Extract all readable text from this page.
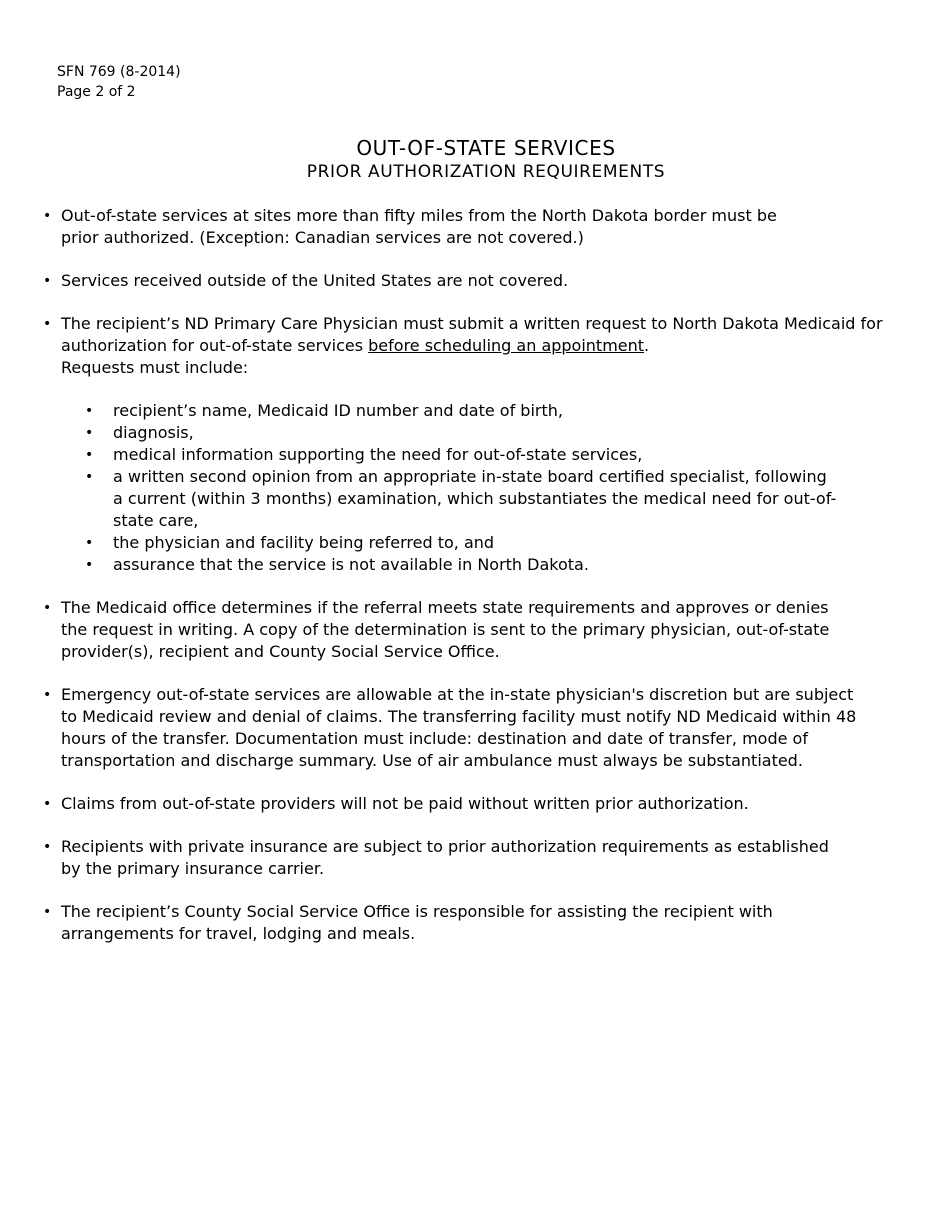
SFN 769 (8-2014)
Page 2 of 2
OUT-OF-STATE SERVICES
PRIOR AUTHORIZATION REQUIREMENTS
• Out-of-state services at sites more than fifty miles from the North Dakota border must be prior authorized. (Exception: Canadian services are not covered.)

• Services received outside of the United States are not covered.

• The recipient’s ND Primary Care Physician must submit a written request to North Dakota Medicaid for authorization for out-of-state services before scheduling an appointment.

Requests must include:

• recipient’s name, Medicaid ID number and date of birth,
• diagnosis,
• medical information supporting the need for out-of-state services,
• a written second opinion from an appropriate in-state board certified specialist, following a current (within 3 months) examination, which substantiates the medical need for out-of-state care,
• the physician and facility being referred to, and
• assurance that the service is not available in North Dakota.
• The Medicaid office determines if the referral meets state requirements and approves or denies the request in writing. A copy of the determination is sent to the primary physician, out-of-state provider(s), recipient and County Social Service Office.

• Emergency out-of-state services are allowable at the in-state physician's discretion but are subject to Medicaid review and denial of claims. The transferring facility must notify ND Medicaid within 48 hours of the transfer. Documentation must include: destination and date of transfer, mode of transportation and discharge summary. Use of air ambulance must always be substantiated.

• Claims from out-of-state providers will not be paid without written prior authorization.

• Recipients with private insurance are subject to prior authorization requirements as established by the primary insurance carrier.

• The recipient’s County Social Service Office is responsible for assisting the recipient with arrangements for travel, lodging and meals.
